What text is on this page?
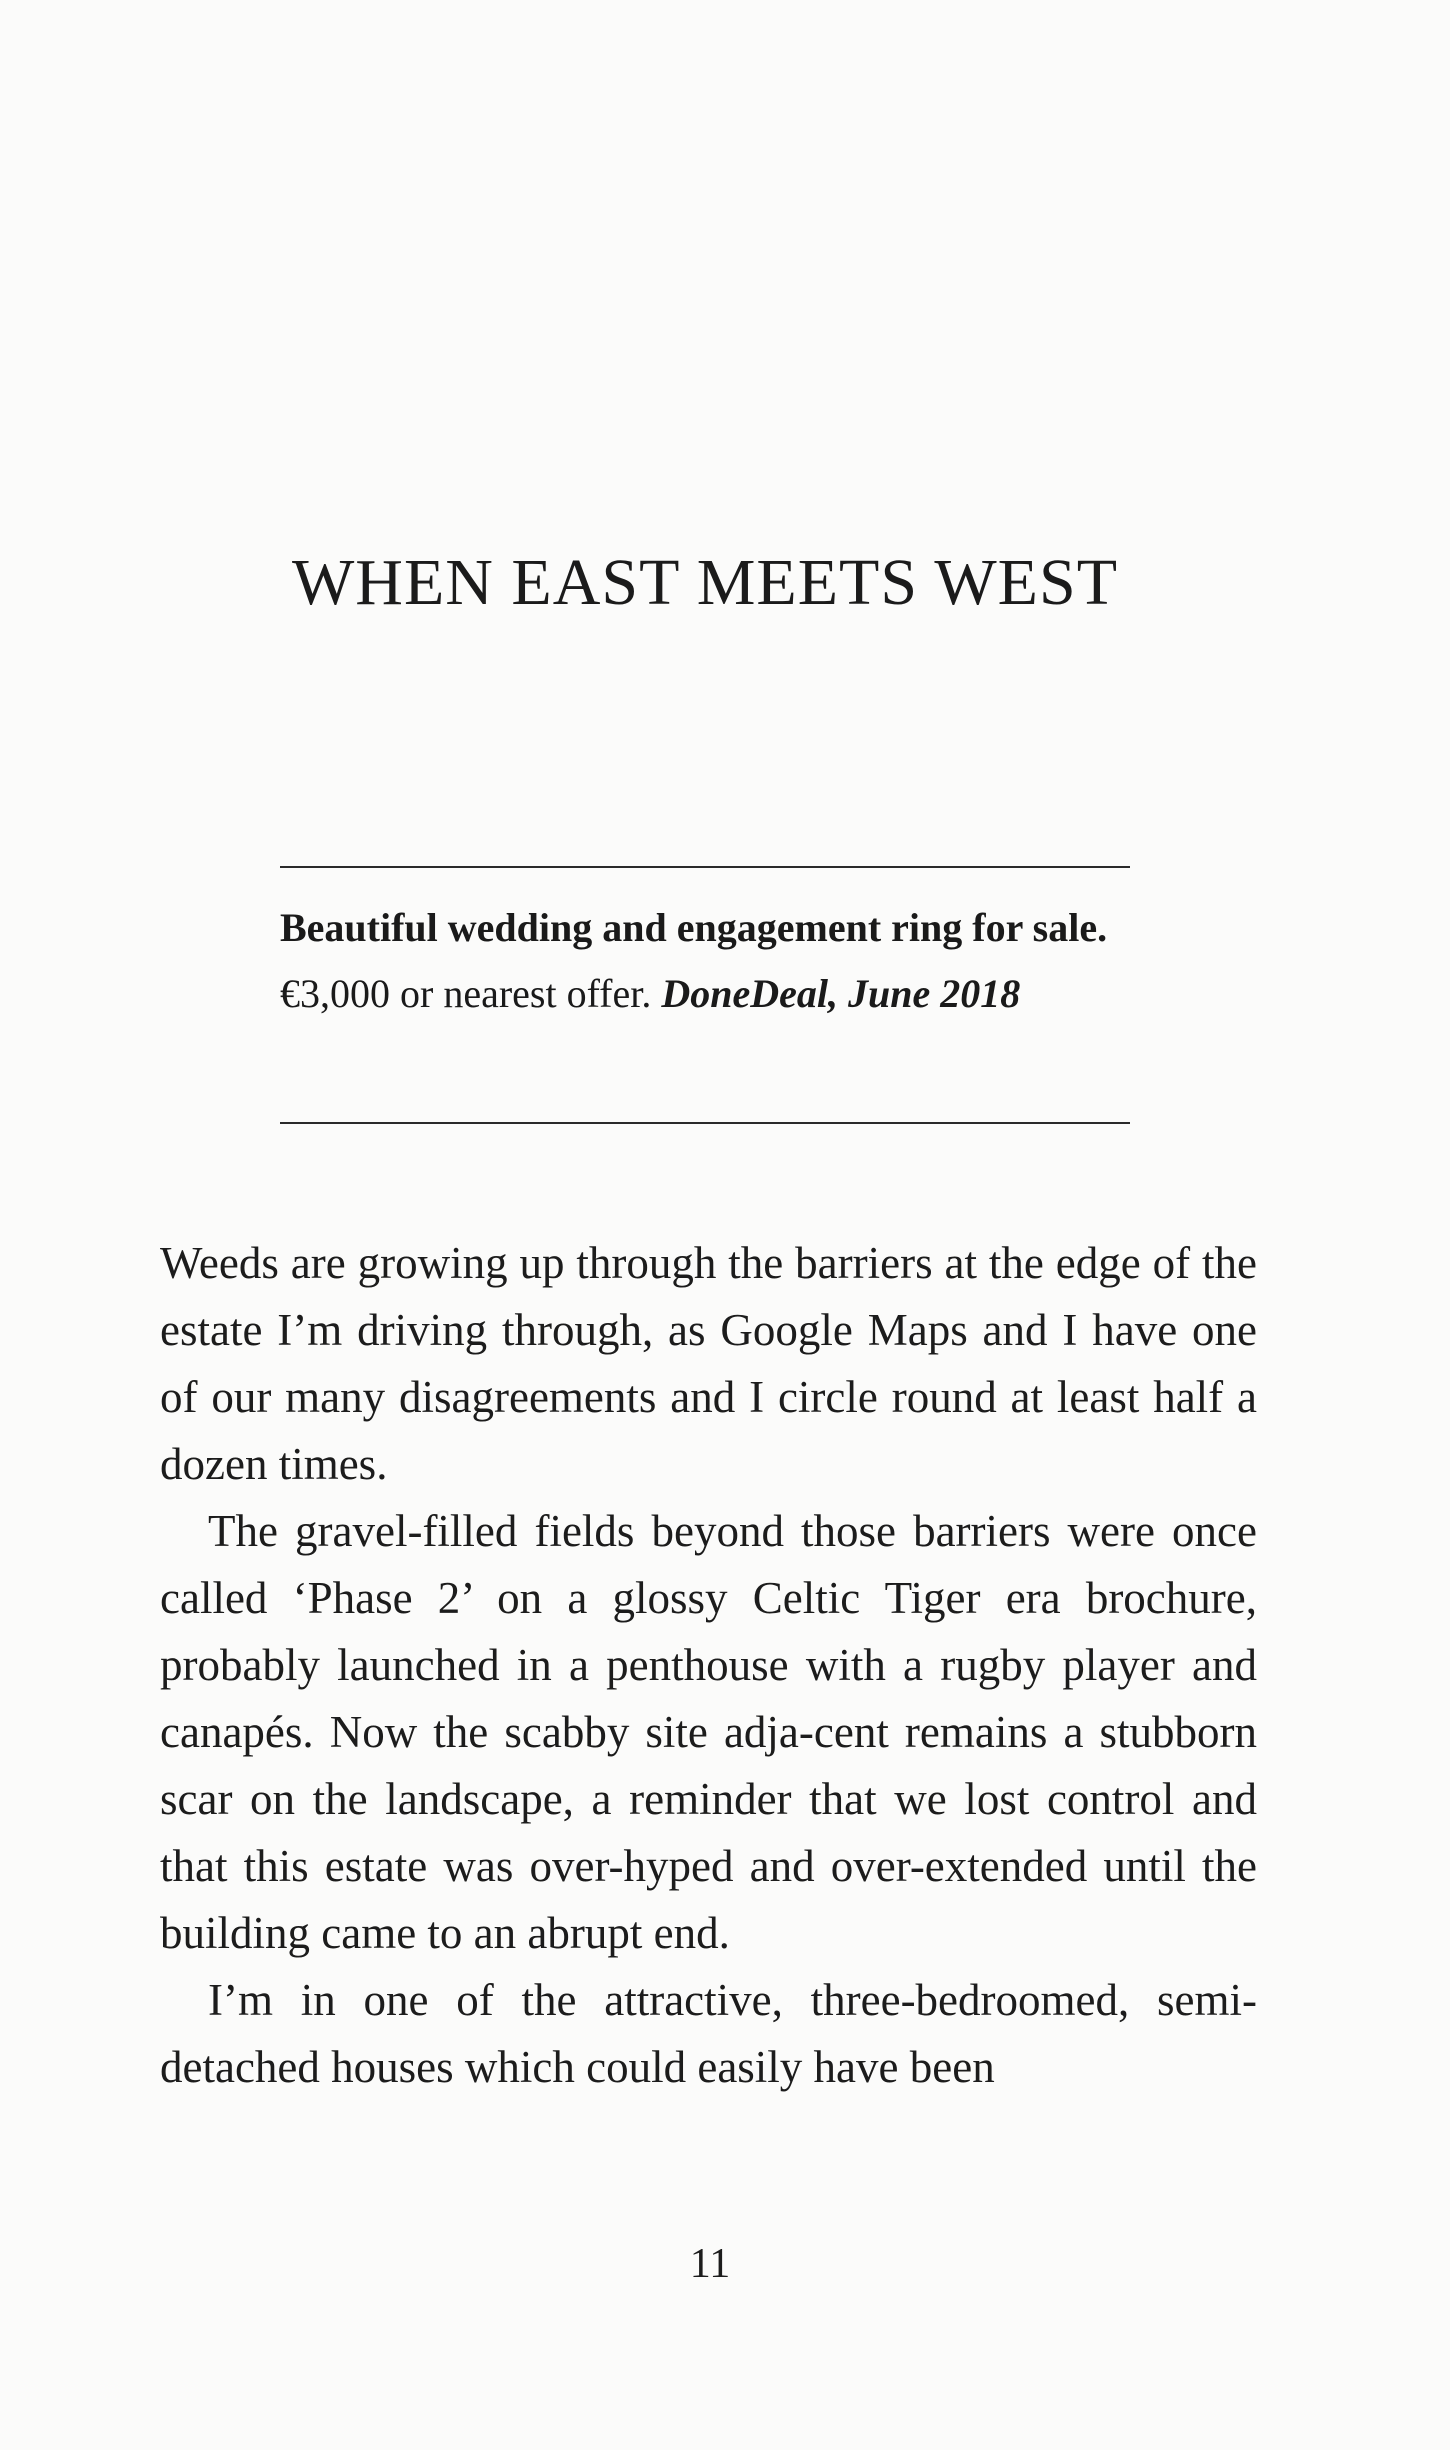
WHEN EAST MEETS WEST

Beautiful wedding and engagement ring for sale. €3,000 or nearest offer. DoneDeal, June 2018

Weeds are growing up through the barriers at the edge of the estate I’m driving through, as Google Maps and I have one of our many disagreements and I circle round at least half a dozen times.

The gravel-filled fields beyond those barriers were once called ‘Phase 2’ on a glossy Celtic Tiger era brochure, probably launched in a penthouse with a rugby player and canapés. Now the scabby site adja-cent remains a stubborn scar on the landscape, a reminder that we lost control and that this estate was over-hyped and over-extended until the building came to an abrupt end.

I’m in one of the attractive, three-bedroomed, semi-detached houses which could easily have been

11
